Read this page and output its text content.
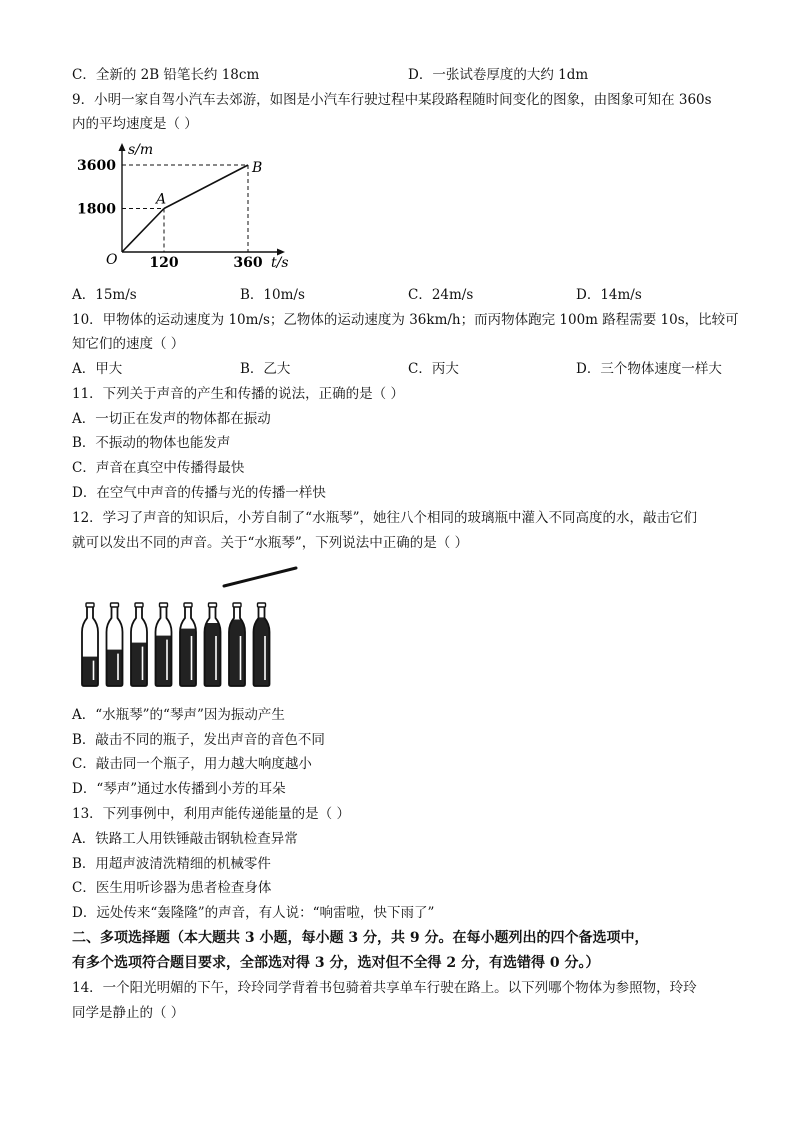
C．全新的 2B 铅笔长约 18cm	D．一张试卷厚度的大约 1dm
9．小明一家自驾小汽车去郊游，如图是小汽车行驶过程中某段路程随时间变化的图象，由图象可知在 360s
内的平均速度是（ ）
s/m
t/s
O
A
B
3600
1800
120	360
A．15m/s	B．10m/s	C．24m/s	D．14m/s
10．甲物体的运动速度为 10m/s；乙物体的运动速度为 36km/h；而丙物体跑完 100m 路程需要 10s，比较可
知它们的速度（ ）
A．甲大	B．乙大	C．丙大	D．三个物体速度一样大
11．下列关于声音的产生和传播的说法，正确的是（ ）
A．一切正在发声的物体都在振动
B．不振动的物体也能发声
C．声音在真空中传播得最快
D．在空气中声音的传播与光的传播一样快
12．学习了声音的知识后，小芳自制了“水瓶琴”，她往八个相同的玻璃瓶中灌入不同高度的水，敲击它们
就可以发出不同的声音。关于“水瓶琴”，下列说法中正确的是（ ）
A．“水瓶琴”的“琴声”因为振动产生
B．敲击不同的瓶子，发出声音的音色不同
C．敲击同一个瓶子，用力越大响度越小
D．“琴声”通过水传播到小芳的耳朵
13．下列事例中，利用声能传递能量的是（ ）
A．铁路工人用铁锤敲击钢轨检查异常
B．用超声波清洗精细的机械零件
C．医生用听诊器为患者检查身体
D．远处传来“轰隆隆”的声音，有人说：“响雷啦，快下雨了”
二、多项选择题（本大题共 3 小题，每小题 3 分，共 9 分。在每小题列出的四个备选项中，
有多个选项符合题目要求，全部选对得 3 分，选对但不全得 2 分，有选错得 0 分。）
14．一个阳光明媚的下午，玲玲同学背着书包骑着共享单车行驶在路上。以下列哪个物体为参照物，玲玲
同学是静止的（ ）
